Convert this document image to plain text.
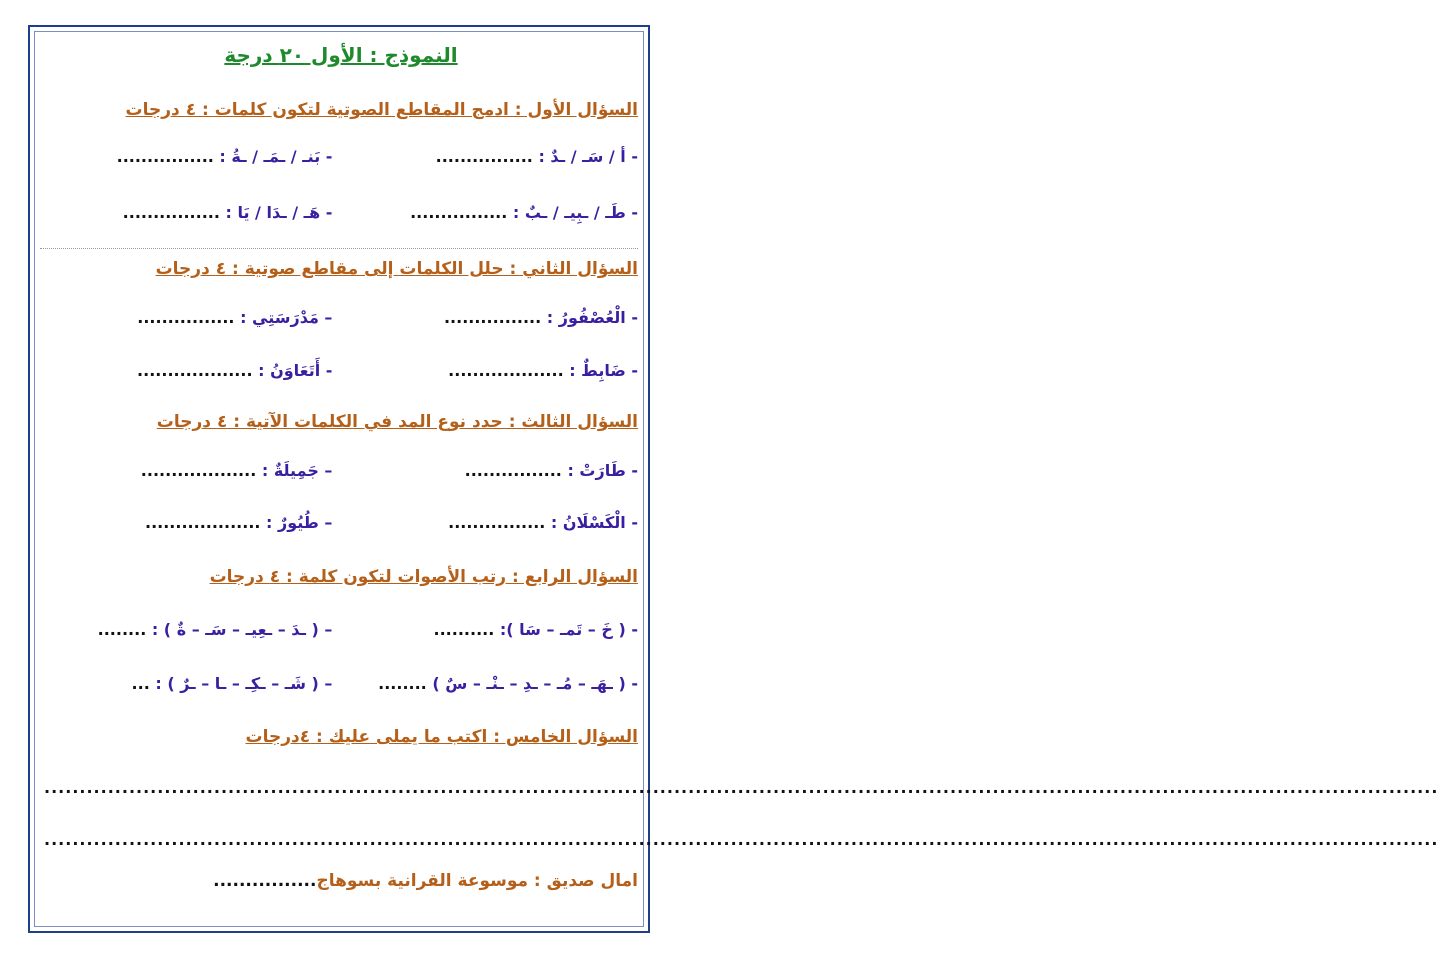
النموذج : الأول ٢٠ درجة
السؤال الأول : ادمج المقاطع الصوتية لتكون كلمات : ٤ درجات
- أ / سَـ / ـدٌ : ................ - بَنـ / ـمَـ / ـةُ : ................
- طَـ / ـبِيـ / ـبٌ : ................ - هَـ / ـدَا / يَا : ................
السؤال الثاني : حلل الكلمات إلى مقاطع صوتية : ٤ درجات
- الْعُصْفُورُ : ................ – مَدْرَسَتِي : ................
- ضَابِطٌ : ................... - أَتَعَاوَنُ : ...................
السؤال الثالث : حدد نوع المد في الكلمات الآتية : ٤ درجات
- طَارَتْ : ................ – جَمِيلَةٌ : ...................
- الْكَسْلَانُ : ................ – طُيُورٌ : ...................
السؤال الرابع : رتب الأصوات لتكون كلمة : ٤ درجات
- ( خَ – تَمـ – سَا ): .......... – ( ـدَ – ـعِيـ – سَـ – ةٌ ) : ........
- ( ـهَـ – مُـ – ـدِ – ـنْـ – سٌ ) ........ – ( شَـ – ـكِـ – ـا – ـرٌ ) : ...
السؤال الخامس : اكتب ما يملى عليك : ٤درجات
.....................................................................................................................................................................................................
.....................................................................................................................................................................................................
امال صديق : موسوعة القرانية بسوهاج................
